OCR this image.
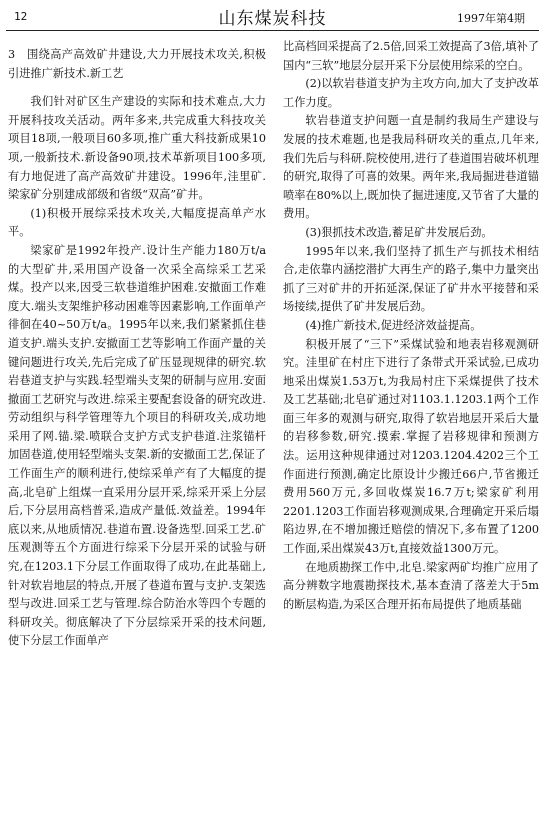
12	山东煤炭科技	1997年第4期

3　围绕高产高效矿井建设,大力开展技术攻关,积极引进推广新技术.新工艺

我们针对矿区生产建设的实际和技术难点,大力开展科技攻关活动。两年多来,共完成重大科技攻关项目18项,一般项目60多项,推广重大科技新成果10项,一般新技术.新设备90项,技术革新项目100多项,有力地促进了高产高效矿井建设。1996年,洼里矿.梁家矿分别建成部级和省级“双高”矿井。

(1)积极开展综采技术攻关,大幅度提高单产水平。

梁家矿是1992年投产.设计生产能力180万t/a的大型矿井,采用国产设备一次采全高综采工艺采煤。投产以来,因受三软巷道维护困难.安撤面工作难度大.端头支架维护移动困难等因素影响,工作面单产徘徊在40~50万t/a。1995年以来,我们紧紧抓住巷道支护.端头支护.安撤面工艺等影响工作面产量的关键问题进行攻关,先后完成了矿压显现规律的研究.软岩巷道支护与实践.轻型端头支架的研制与应用.安面撤面工艺研究与改进.综采主要配套设备的研究改进.劳动组织与科学管理等九个项目的科研攻关,成功地采用了网.锚.梁.喷联合支护方式支护巷道.注浆锚杆加固巷道,使用轻型端头支架.新的安撤面工艺,保证了工作面生产的顺利进行,使综采单产有了大幅度的提高,北皂矿上组煤一直采用分层开采,综采开采上分层后,下分层用高档普采,造成产量低.效益差。1994年底以来,从地质情况.巷道布置.设备选型.回采工艺.矿压观测等五个方面进行综采下分层开采的试验与研究,在1203.1下分层工作面取得了成功,在此基础上,针对软岩地层的特点,开展了巷道布置与支护.支架选型与改进.回采工艺与管理.综合防治水等四个专题的科研攻关。彻底解决了下分层综采开采的技术问题,使下分层工作面单产

比高档回采提高了2.5倍,回采工效提高了3倍,填补了国内“三软”地层分层开采下分层使用综采的空白。

(2)以软岩巷道支护为主攻方向,加大了支护改革工作力度。

软岩巷道支护问题一直是制约我局生产建设与发展的技术难题,也是我局科研攻关的重点,几年来,我们先后与科研.院校使用,进行了巷道围岩破坏机理的研究,取得了可喜的效果。两年来,我局掘进巷道锚喷率在80%以上,既加快了掘进速度,又节省了大量的费用。

(3)狠抓技术改造,蓄足矿井发展后劲。

1995年以来,我们坚持了抓生产与抓技术相结合,走依靠内涵挖潜扩大再生产的路子,集中力量突出抓了三对矿井的开拓延深,保证了矿井水平接替和采场接续,提供了矿井发展后劲。

(4)推广新技术,促进经济效益提高。

积极开展了“三下”采煤试验和地表岩移观测研究。洼里矿在村庄下进行了条带式开采试验,已成功地采出煤炭1.53万t,为我局村庄下采煤提供了技术及工艺基础;北皂矿通过对1103.1.1203.1两个工作面三年多的观测与研究,取得了软岩地层开采后大量的岩移参数,研究.摸索.掌握了岩移规律和预测方法。运用这种规律通过对1203.1204.4202三个工作面进行预测,确定比原设计少搬迁66户,节省搬迁费用560万元,多回收煤炭16.7万t;梁家矿利用2201.1203工作面岩移观测成果,合理确定开采后塌陷边界,在不增加搬迁赔偿的情况下,多布置了1200工作面,采出煤炭43万t,直接效益1300万元。

在地质勘探工作中,北皂.梁家两矿均推广应用了高分辨数字地震勘探技术,基本查清了落差大于5m的断层构造,为采区合理开拓布局提供了地质基础
